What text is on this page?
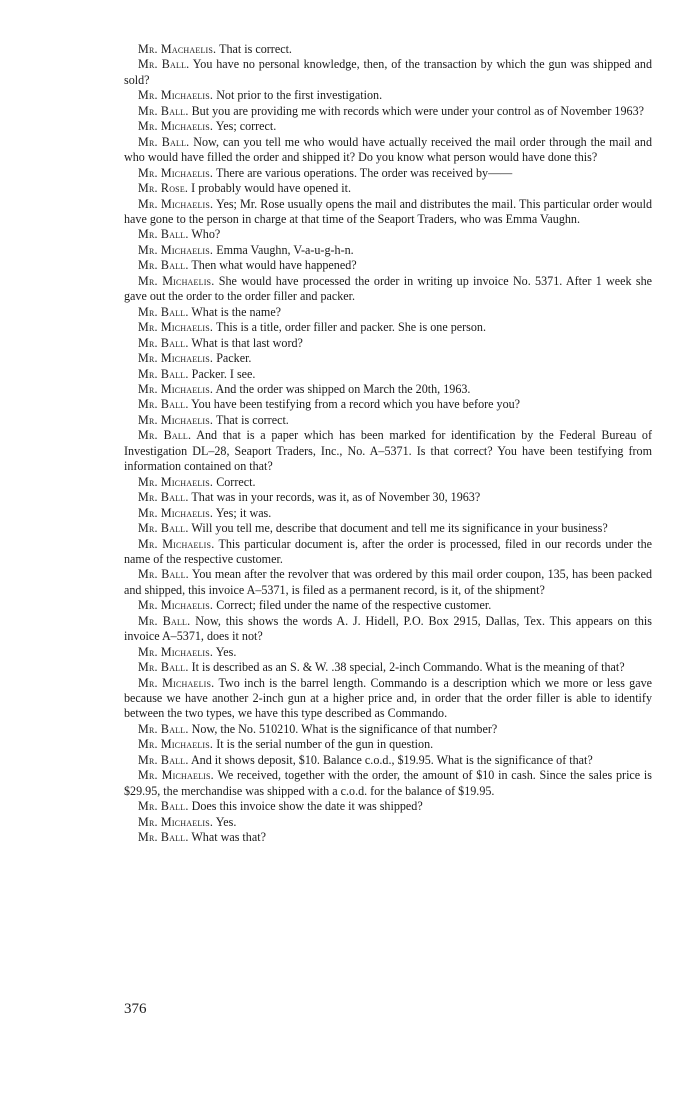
Mr. Machaelis. That is correct.

Mr. Ball. You have no personal knowledge, then, of the transaction by which the gun was shipped and sold?

Mr. Michaelis. Not prior to the first investigation.

Mr. Ball. But you are providing me with records which were under your control as of November 1963?

Mr. Michaelis. Yes; correct.

Mr. Ball. Now, can you tell me who would have actually received the mail order through the mail and who would have filled the order and shipped it? Do you know what person would have done this?

Mr. Michaelis. There are various operations. The order was received by——

Mr. Rose. I probably would have opened it.

Mr. Michaelis. Yes; Mr. Rose usually opens the mail and distributes the mail. This particular order would have gone to the person in charge at that time of the Seaport Traders, who was Emma Vaughn.

Mr. Ball. Who?

Mr. Michaelis. Emma Vaughn, V-a-u-g-h-n.

Mr. Ball. Then what would have happened?

Mr. Michaelis. She would have processed the order in writing up invoice No. 5371. After 1 week she gave out the order to the order filler and packer.

Mr. Ball. What is the name?

Mr. Michaelis. This is a title, order filler and packer. She is one person.

Mr. Ball. What is that last word?

Mr. Michaelis. Packer.

Mr. Ball. Packer. I see.

Mr. Michaelis. And the order was shipped on March the 20th, 1963.

Mr. Ball. You have been testifying from a record which you have before you?

Mr. Michaelis. That is correct.

Mr. Ball. And that is a paper which has been marked for identification by the Federal Bureau of Investigation DL–28, Seaport Traders, Inc., No. A–5371. Is that correct? You have been testifying from information contained on that?

Mr. Michaelis. Correct.

Mr. Ball. That was in your records, was it, as of November 30, 1963?

Mr. Michaelis. Yes; it was.

Mr. Ball. Will you tell me, describe that document and tell me its significance in your business?

Mr. Michaelis. This particular document is, after the order is processed, filed in our records under the name of the respective customer.

Mr. Ball. You mean after the revolver that was ordered by this mail order coupon, 135, has been packed and shipped, this invoice A–5371, is filed as a permanent record, is it, of the shipment?

Mr. Michaelis. Correct; filed under the name of the respective customer.

Mr. Ball. Now, this shows the words A. J. Hidell, P.O. Box 2915, Dallas, Tex. This appears on this invoice A–5371, does it not?

Mr. Michaelis. Yes.

Mr. Ball. It is described as an S. & W. .38 special, 2-inch Commando. What is the meaning of that?

Mr. Michaelis. Two inch is the barrel length. Commando is a description which we more or less gave because we have another 2-inch gun at a higher price and, in order that the order filler is able to identify between the two types, we have this type described as Commando.

Mr. Ball. Now, the No. 510210. What is the significance of that number?

Mr. Michaelis. It is the serial number of the gun in question.

Mr. Ball. And it shows deposit, $10. Balance c.o.d., $19.95. What is the significance of that?

Mr. Michaelis. We received, together with the order, the amount of $10 in cash. Since the sales price is $29.95, the merchandise was shipped with a c.o.d. for the balance of $19.95.

Mr. Ball. Does this invoice show the date it was shipped?

Mr. Michaelis. Yes.

Mr. Ball. What was that?

376
